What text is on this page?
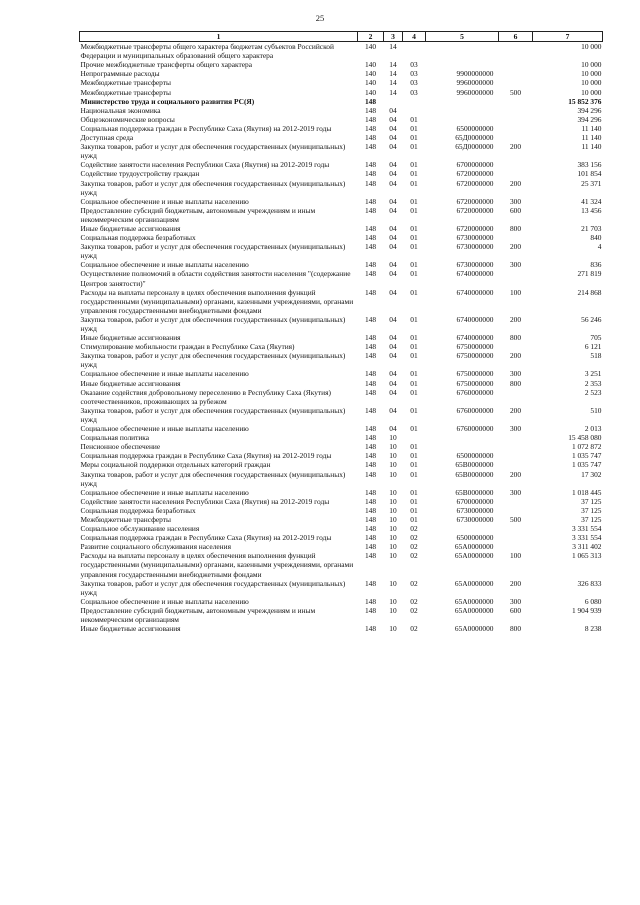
25
1	2	3	4	5	6	7
Межбюджетные трансферты общего характера бюджетам субъектов Российской Федерации и муниципальных образований общего характера	140	14				10 000
Прочие межбюджетные трансферты общего характера	140	14	03			10 000
Непрограммные расходы	140	14	03	9900000000		10 000
Межбюджетные трансферты	140	14	03	9960000000		10 000
Межбюджетные трансферты	140	14	03	9960000000	500	10 000
Министерство труда и социального развития РС(Я)	148					15 852 376
Национальная экономика	148	04				394 296
Общеэкономические вопросы	148	04	01			394 296
Социальная поддержка граждан в Республике Саха (Якутия) на 2012-2019 годы	148	04	01	6500000000		11 140
Доступная среда	148	04	01	65Д0000000		11 140
Закупка товаров, работ и услуг для обеспечения государственных (муниципальных) нужд	148	04	01	65Д0000000	200	11 140
Содействие занятости населения Республики Саха (Якутия) на 2012-2019 годы	148	04	01	6700000000		383 156
Содействие трудоустройству граждан	148	04	01	6720000000		101 854
Закупка товаров, работ и услуг для обеспечения государственных (муниципальных) нужд	148	04	01	6720000000	200	25 371
Социальное обеспечение и иные выплаты населению	148	04	01	6720000000	300	41 324
Предоставление субсидий бюджетным, автономным учреждениям и иным некоммерческим организациям	148	04	01	6720000000	600	13 456
Иные бюджетные ассигнования	148	04	01	6720000000	800	21 703
Социальная поддержка безработных	148	04	01	6730000000		840
Закупка товаров, работ и услуг для обеспечения государственных (муниципальных) нужд	148	04	01	6730000000	200	4
Социальное обеспечение и иные выплаты населению	148	04	01	6730000000	300	836
Осуществление полномочий в области содействия занятости населения "(содержание Центров занятости)"	148	04	01	6740000000		271 819
Расходы на выплаты персоналу в целях обеспечения выполнения функций государственными (муниципальными) органами, казенными учреждениями, органами управления государственными внебюджетными фондами	148	04	01	6740000000	100	214 868
Закупка товаров, работ и услуг для обеспечения государственных (муниципальных) нужд	148	04	01	6740000000	200	56 246
Иные бюджетные ассигнования	148	04	01	6740000000	800	705
Стимулирование мобильности граждан в Республике Саха (Якутия)	148	04	01	6750000000		6 121
Закупка товаров, работ и услуг для обеспечения государственных (муниципальных) нужд	148	04	01	6750000000	200	518
Социальное обеспечение и иные выплаты населению	148	04	01	6750000000	300	3 251
Иные бюджетные ассигнования	148	04	01	6750000000	800	2 353
Оказание содействия добровольному переселению в Республику Саха (Якутия) соотечественников, проживающих за рубежом	148	04	01	6760000000		2 523
Закупка товаров, работ и услуг для обеспечения государственных (муниципальных) нужд	148	04	01	6760000000	200	510
Социальное обеспечение и иные выплаты населению	148	04	01	6760000000	300	2 013
Социальная политика	148	10				15 458 080
Пенсионное обеспечение	148	10	01			1 072 872
Социальная поддержка граждан в Республике Саха (Якутия) на 2012-2019 годы	148	10	01	6500000000		1 035 747
Меры социальной поддержки отдельных категорий граждан	148	10	01	65В0000000		1 035 747
Закупка товаров, работ и услуг для обеспечения государственных (муниципальных) нужд	148	10	01	65В0000000	200	17 302
Социальное обеспечение и иные выплаты населению	148	10	01	65В0000000	300	1 018 445
Содействие занятости населения Республики Саха (Якутия) на 2012-2019 годы	148	10	01	6700000000		37 125
Социальная поддержка безработных	148	10	01	6730000000		37 125
Межбюджетные трансферты	148	10	01	6730000000	500	37 125
Социальное обслуживание населения	148	10	02			3 331 554
Социальная поддержка граждан в Республике Саха (Якутия) на 2012-2019 годы	148	10	02	6500000000		3 331 554
Развитие социального обслуживания населения	148	10	02	65А0000000		3 311 402
Расходы на выплаты персоналу в целях обеспечения выполнения функций государственными (муниципальными) органами, казенными учреждениями, органами управления государственными внебюджетными фондами	148	10	02	65А0000000	100	1 065 313
Закупка товаров, работ и услуг для обеспечения государственных (муниципальных) нужд	148	10	02	65А0000000	200	326 833
Социальное обеспечение и иные выплаты населению	148	10	02	65А0000000	300	6 080
Предоставление субсидий бюджетным, автономным учреждениям и иным некоммерческим организациям	148	10	02	65А0000000	600	1 904 939
Иные бюджетные ассигнования	148	10	02	65А0000000	800	8 238
